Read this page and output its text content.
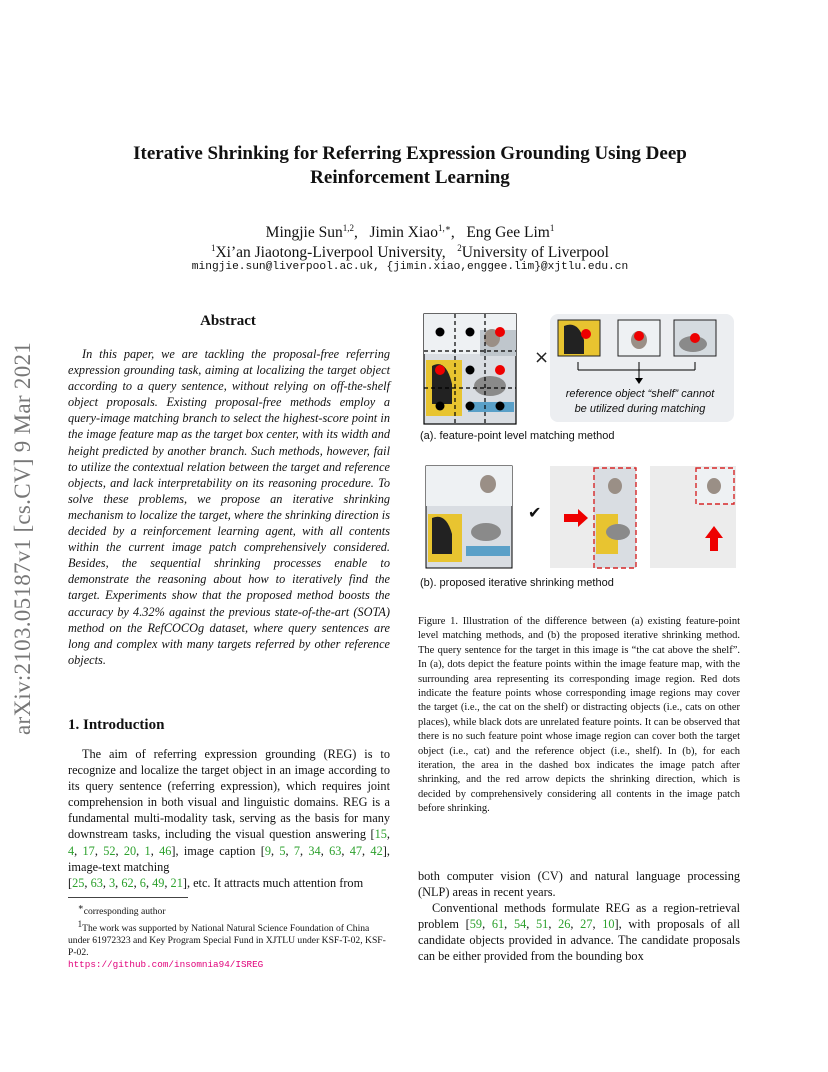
Iterative Shrinking for Referring Expression Grounding Using Deep Reinforcement Learning
Mingjie Sun$^{1,2}$,   Jimin Xiao$^{1,∗}$,   Eng Gee Lim$^1$
$^1$Xi’an Jiaotong-Liverpool University, $^2$University of Liverpool
mingjie.sun@liverpool.ac.uk, {jimin.xiao,enggee.lim}@xjtlu.edu.cn
arXiv:2103.05187v1 [cs.CV] 9 Mar 2021
Abstract
In this paper, we are tackling the proposal-free referring expression grounding task, aiming at localizing the target object according to a query sentence, without relying on off-the-shelf object proposals. Existing proposal-free methods employ a query-image matching branch to select the highest-score point in the image feature map as the target box center, with its width and height predicted by another branch. Such methods, however, fail to utilize the contextual relation between the target and reference objects, and lack interpretability on its reasoning procedure. To solve these problems, we propose an iterative shrinking mechanism to localize the target, where the shrinking direction is decided by a reinforcement learning agent, with all contents within the current image patch comprehensively considered. Besides, the sequential shrinking processes enable to demonstrate the reasoning about how to iteratively find the target. Experiments show that the proposed method boosts the accuracy by 4.32% against the previous state-of-the-art (SOTA) method on the RefCOCOg dataset, where query sentences are long and complex with many targets referred by other reference objects.
1. Introduction
The aim of referring expression grounding (REG) is to recognize and localize the target object in an image according to its query sentence (referring expression), which requires joint comprehension in both visual and linguistic domains. REG is a fundamental multi-modality task, serving as the basis for many downstream tasks, including the visual question answering [15, 4, 17, 52, 20, 1, 46], image caption [9, 5, 7, 34, 63, 47, 42], image-text matching
[25, 63, 3, 62, 6, 49, 21], etc. It attracts much attention from
∗corresponding author
$^1$The work was supported by National Natural Science Foundation of China under 61972323 and Key Program Special Fund in XJTLU under KSF-T-02, KSF-P-02.
https://github.com/insomnia94/ISREG
×
reference object “shelf” cannot
be utilized during matching
(a). feature-point level matching method
✔
(b). proposed iterative shrinking method
Figure 1. Illustration of the difference between (a) existing feature-point level matching methods, and (b) the proposed iterative shrinking method. The query sentence for the target in this image is “the cat above the shelf”. In (a), dots depict the feature points within the image feature map, with the surrounding area representing its corresponding image region. Red dots indicate the feature points whose corresponding image regions may cover the target (i.e., the cat on the shelf) or distracting objects (i.e., cats on other places), while black dots are unrelated feature points. It can be observed that there is no such feature point whose image region can cover both the target object (i.e., cat) and the reference object (i.e., shelf). In (b), for each iteration, the area in the dashed box indicates the image patch after shrinking, and the red arrow depicts the shrinking direction, which is decided by comprehensively considering all contents in the image patch before shrinking.

both computer vision (CV) and natural language processing (NLP) areas in recent years.

Conventional methods formulate REG as a region-retrieval problem [59, 61, 54, 51, 26, 27, 10], with proposals of all candidate objects provided in advance. The candidate proposals can be either provided from the bounding box
